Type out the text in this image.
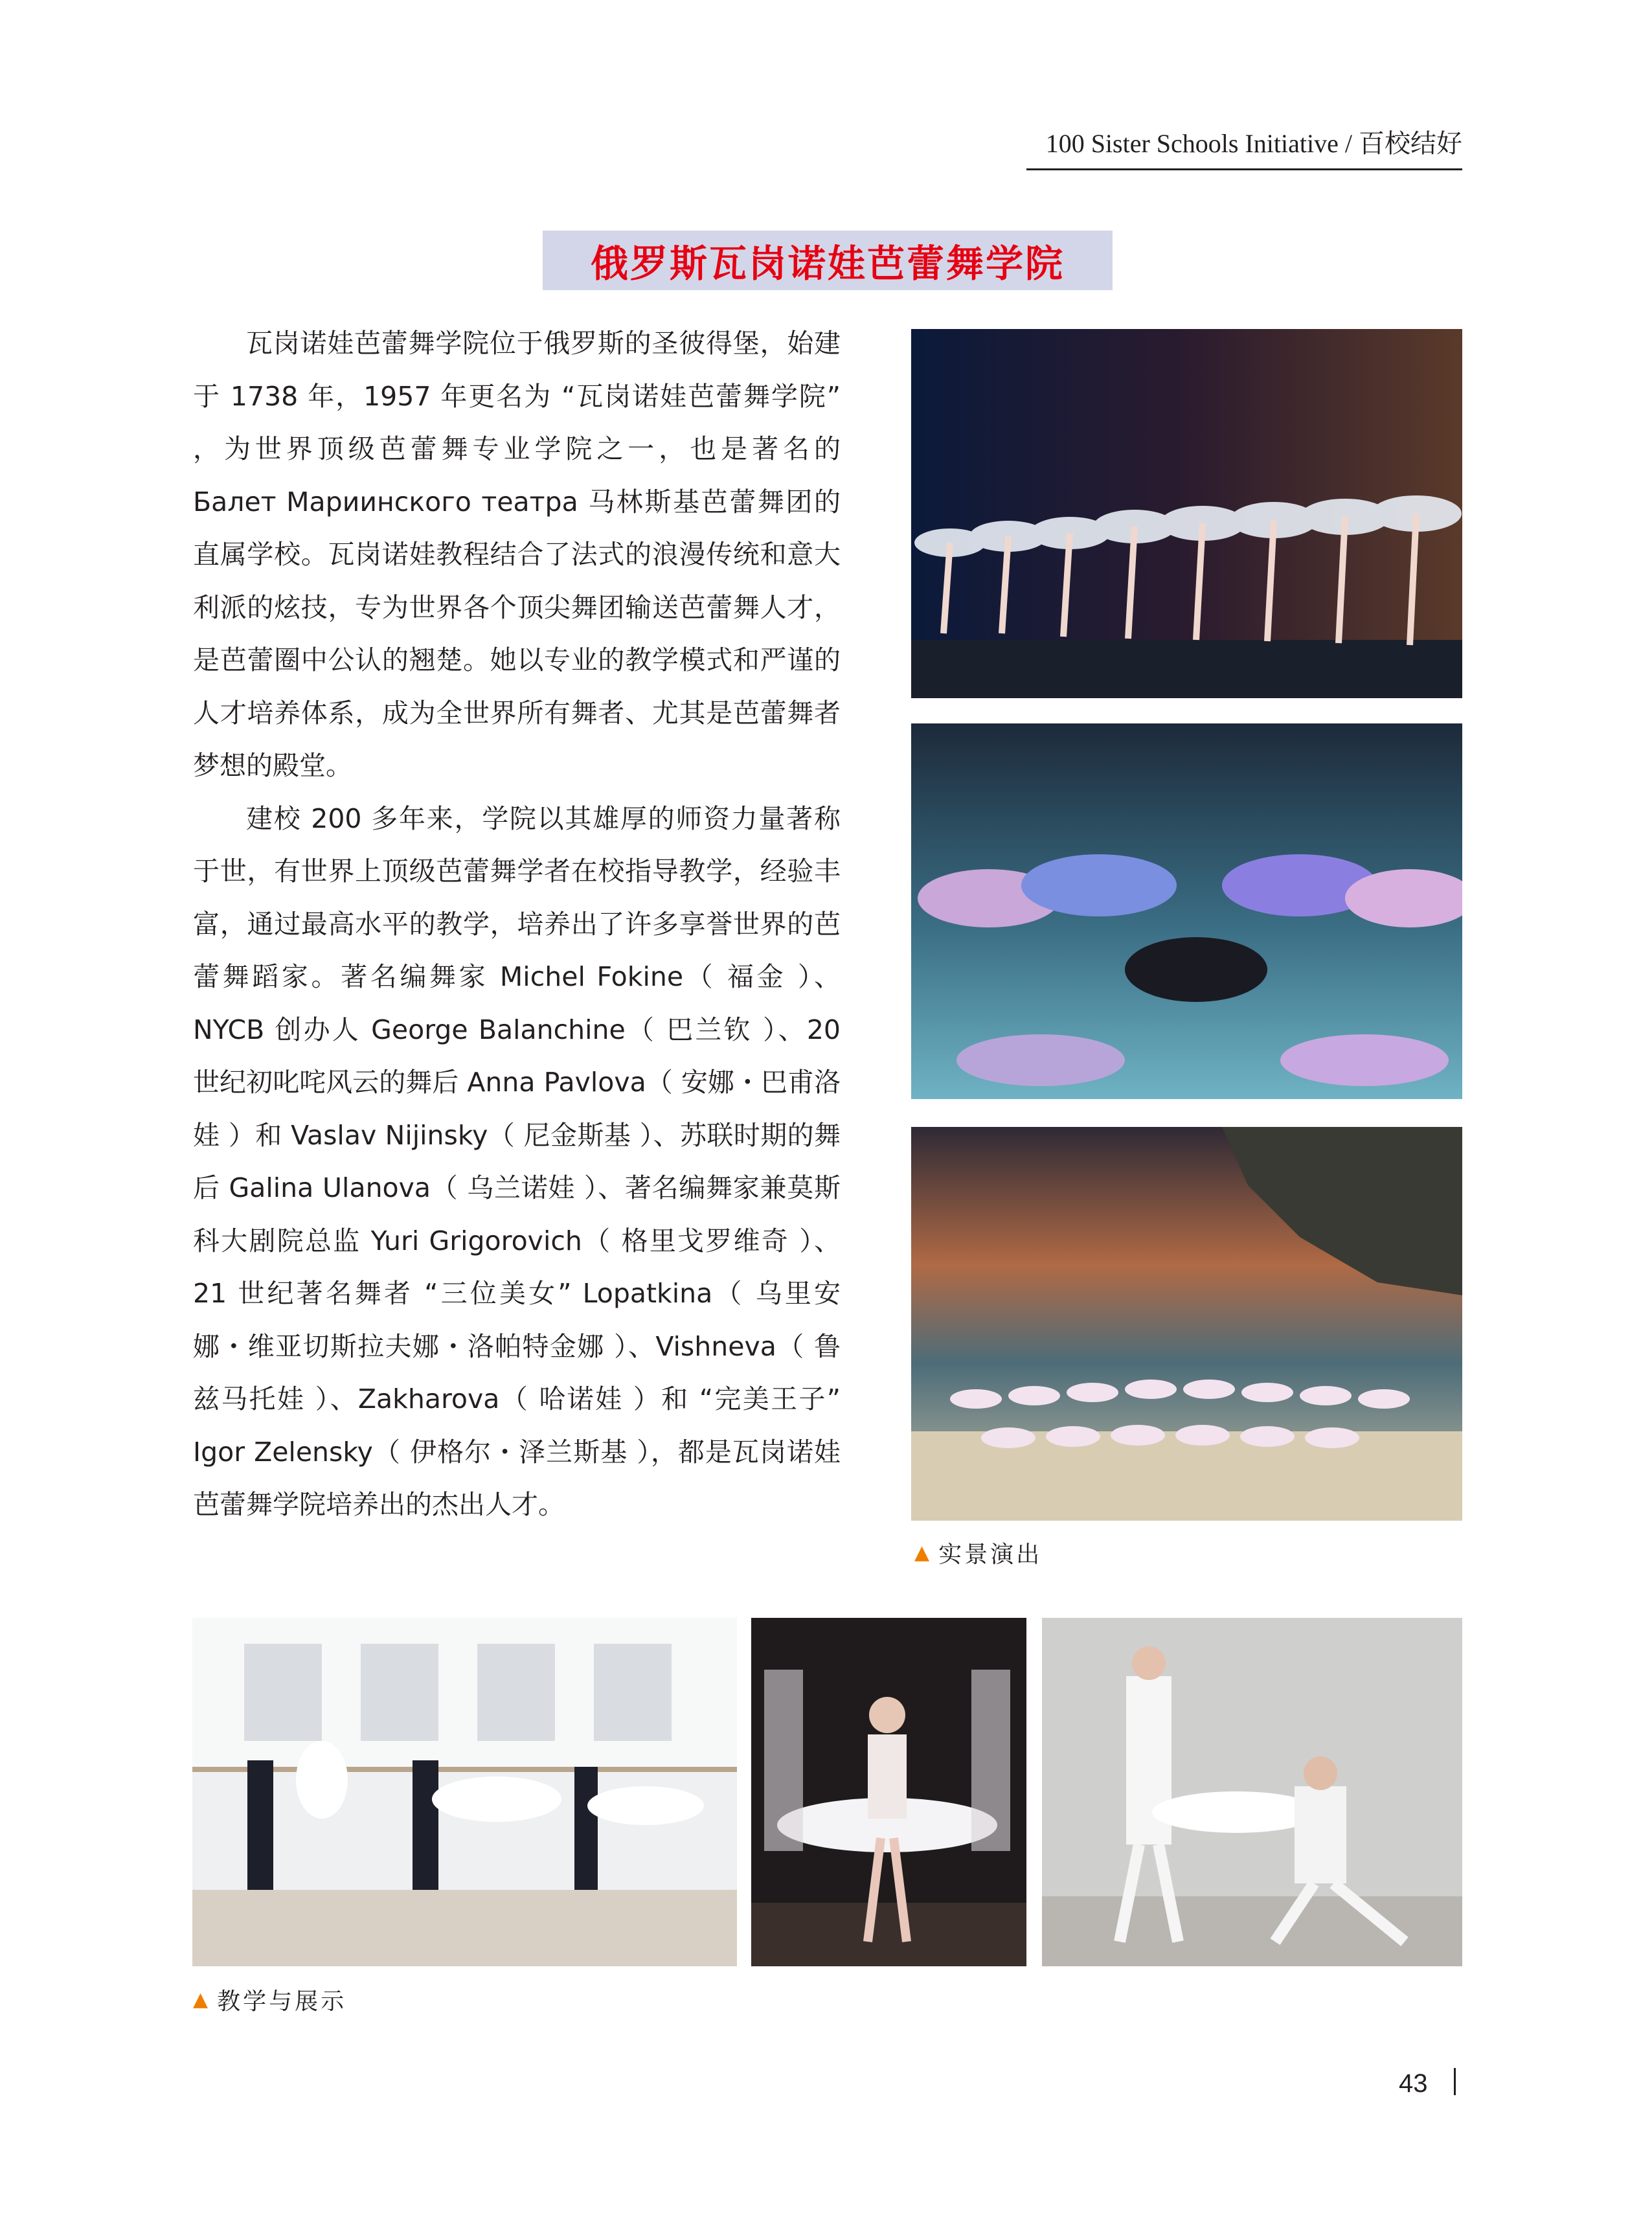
100 Sister Schools Initiative / 百校结好
俄罗斯瓦岗诺娃芭蕾舞学院

瓦岗诺娃芭蕾舞学院位于俄罗斯的圣彼得堡，始建于 1738 年，1957 年更名为 “瓦岗诺娃芭蕾舞学院” ，为世界顶级芭蕾舞专业学院之一，也是著名的 Балет Мариинского театра 马林斯基芭蕾舞团的直属学校。瓦岗诺娃教程结合了法式的浪漫传统和意大利派的炫技，专为世界各个顶尖舞团输送芭蕾舞人才，是芭蕾圈中公认的翘楚。她以专业的教学模式和严谨的人才培养体系，成为全世界所有舞者、尤其是芭蕾舞者梦想的殿堂。

建校 200 多年来，学院以其雄厚的师资力量著称于世，有世界上顶级芭蕾舞学者在校指导教学，经验丰富，通过最高水平的教学，培养出了许多享誉世界的芭蕾舞蹈家。著名编舞家 Michel Fokine（ 福金 ）、NYCB 创办人 George Balanchine（ 巴兰钦 ）、20 世纪初叱咤风云的舞后 Anna Pavlova（ 安娜・巴甫洛娃 ）和 Vaslav Nijinsky（ 尼金斯基 ）、苏联时期的舞后 Galina Ulanova（ 乌兰诺娃 ）、著名编舞家兼莫斯科大剧院总监 Yuri Grigorovich（ 格里戈罗维奇 ）、21 世纪著名舞者 “三位美女” Lopatkina（ 乌里安娜・维亚切斯拉夫娜・洛帕特金娜 ）、Vishneva（ 鲁兹马托娃 ）、Zakharova（ 哈诺娃 ）和 “完美王子” Igor Zelensky（ 伊格尔・泽兰斯基 ），都是瓦岗诺娃芭蕾舞学院培养出的杰出人才。

▲ 实景演出
▲ 教学与展示
43
